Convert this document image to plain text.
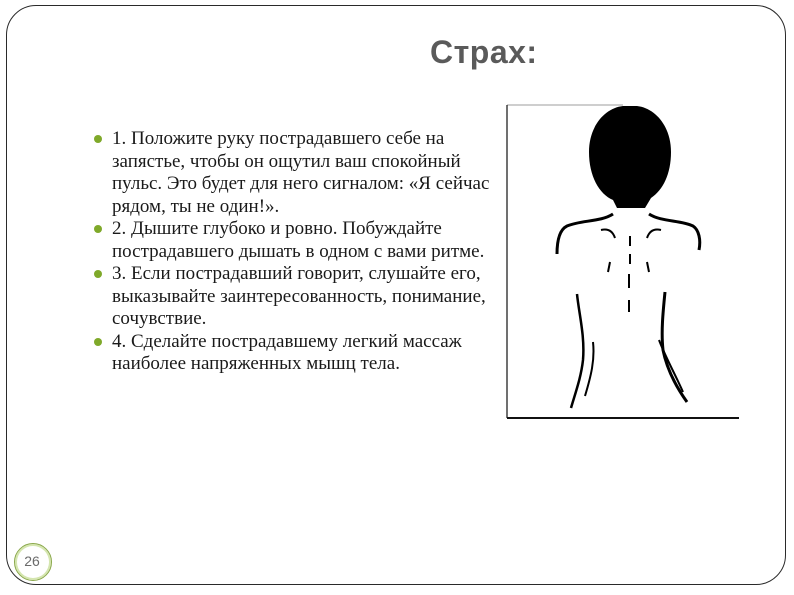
Страх:
1. Положите руку пострадавшего себе на запястье, чтобы он ощутил ваш спокойный пульс. Это будет для него сигналом: «Я сейчас рядом, ты не один!».
2. Дышите глубоко и ровно. Побуждайте пострадавшего дышать в одном с вами ритме.
3. Если пострадавший говорит, слушайте его, выказывайте заинтересованность, понимание, сочувствие.
4. Сделайте пострадавшему легкий массаж наиболее напряженных мышц тела.
26
